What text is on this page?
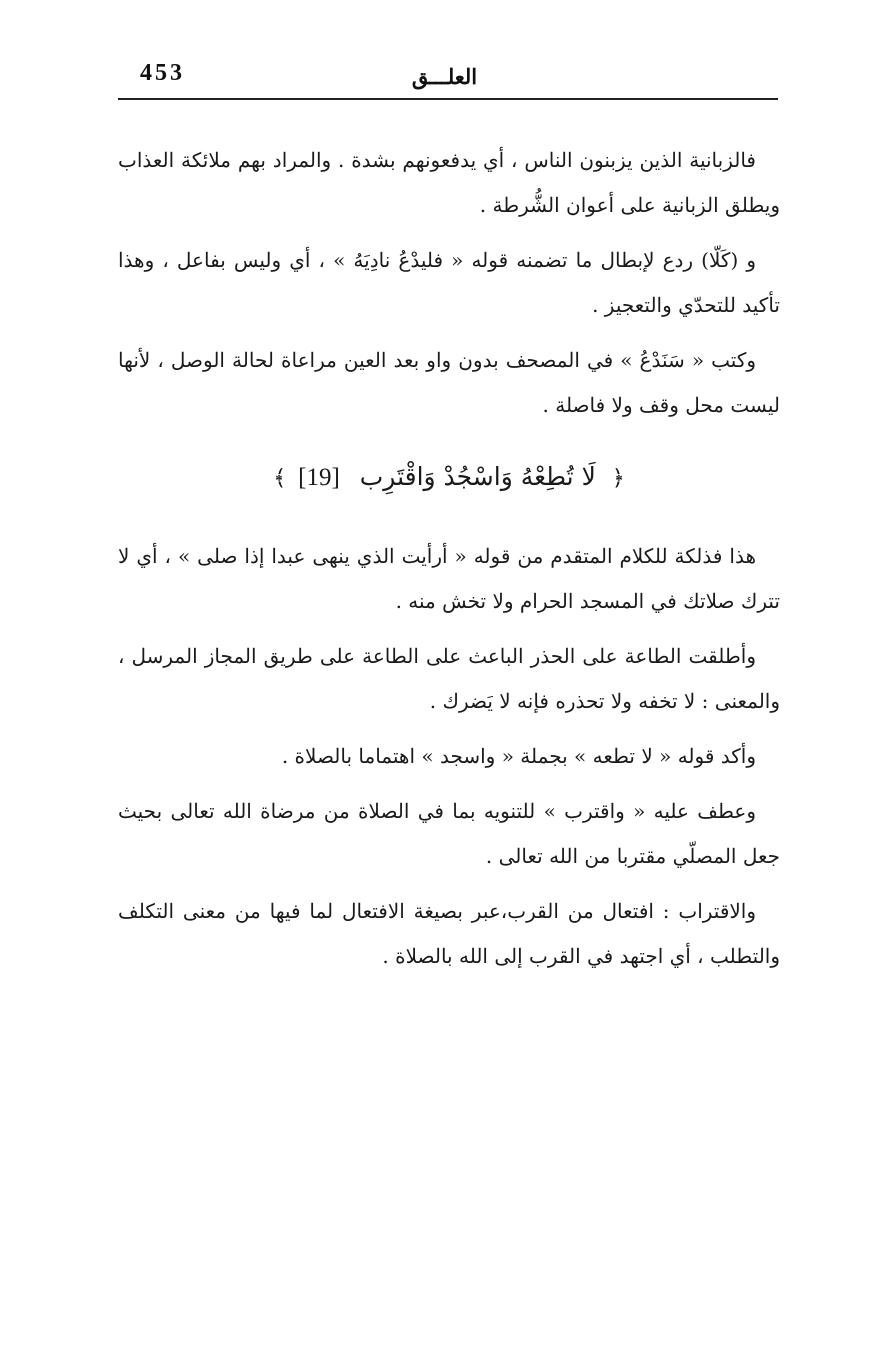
453	العلـــق

فالزبانية الذين يزبنون الناس ، أي يدفعونهم بشدة . والمراد بهم ملائكة العذاب ويطلق الزبانية على أعوان الشُّرطة .

و (كَلّا) ردع لإبطال ما تضمنه قوله « فليدْعُ نادِيَهُ » ، أي وليس بفاعل ، وهذا تأكيد للتحدّي والتعجيز .

وكتب « سَنَدْعُ » في المصحف بدون واو بعد العين مراعاة لحالة الوصل ، لأنها ليست محل وقف ولا فاصلة .

﴿ لَا تُطِعْهُ وَاسْجُدْ وَاقْتَرِب [19] ﴾

هذا فذلكة للكلام المتقدم من قوله « أرأيت الذي ينهى عبدا إذا صلى » ، أي لا تترك صلاتك في المسجد الحرام ولا تخش منه .

وأطلقت الطاعة على الحذر الباعث على الطاعة على طريق المجاز المرسل ، والمعنى : لا تخفه ولا تحذره فإنه لا يَضرك .

وأكد قوله « لا تطعه » بجملة « واسجد » اهتماما بالصلاة .

وعطف عليه « واقترب » للتنويه بما في الصلاة من مرضاة الله تعالى بحيث جعل المصلّي مقتربا من الله تعالى .

والاقتراب : افتعال من القرب،عبر بصيغة الافتعال لما فيها من معنى التكلف والتطلب ، أي اجتهد في القرب إلى الله بالصلاة .
